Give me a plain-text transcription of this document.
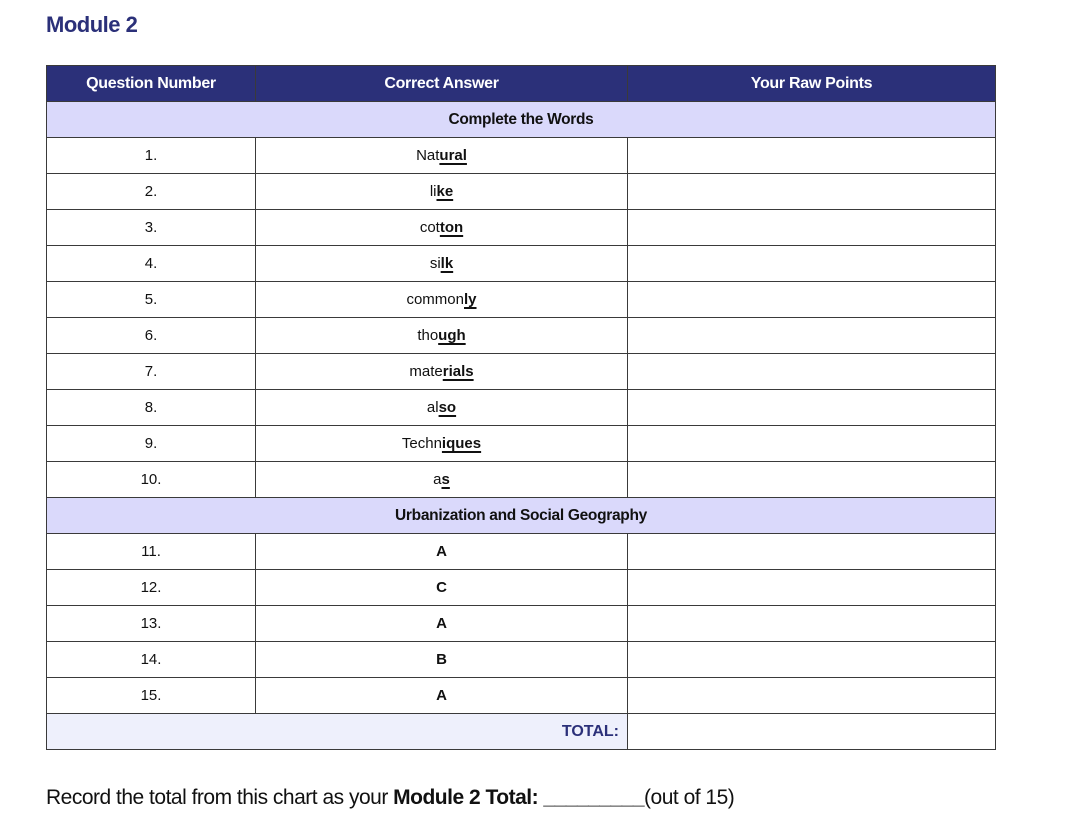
Module 2
Question Number	Correct Answer	Your Raw Points
Complete the Words		
1.	Natural	
2.	like	
3.	cotton	
4.	silk	
5.	commonly	
6.	though	
7.	materials	
8.	also	
9.	Techniques	
10.	as	
Urbanization and Social Geography		
11.	A	
12.	C	
13.	A	
14.	B	
15.	A	
TOTAL:		
Record the total from this chart as your Module 2 Total: _________(out of 15)
